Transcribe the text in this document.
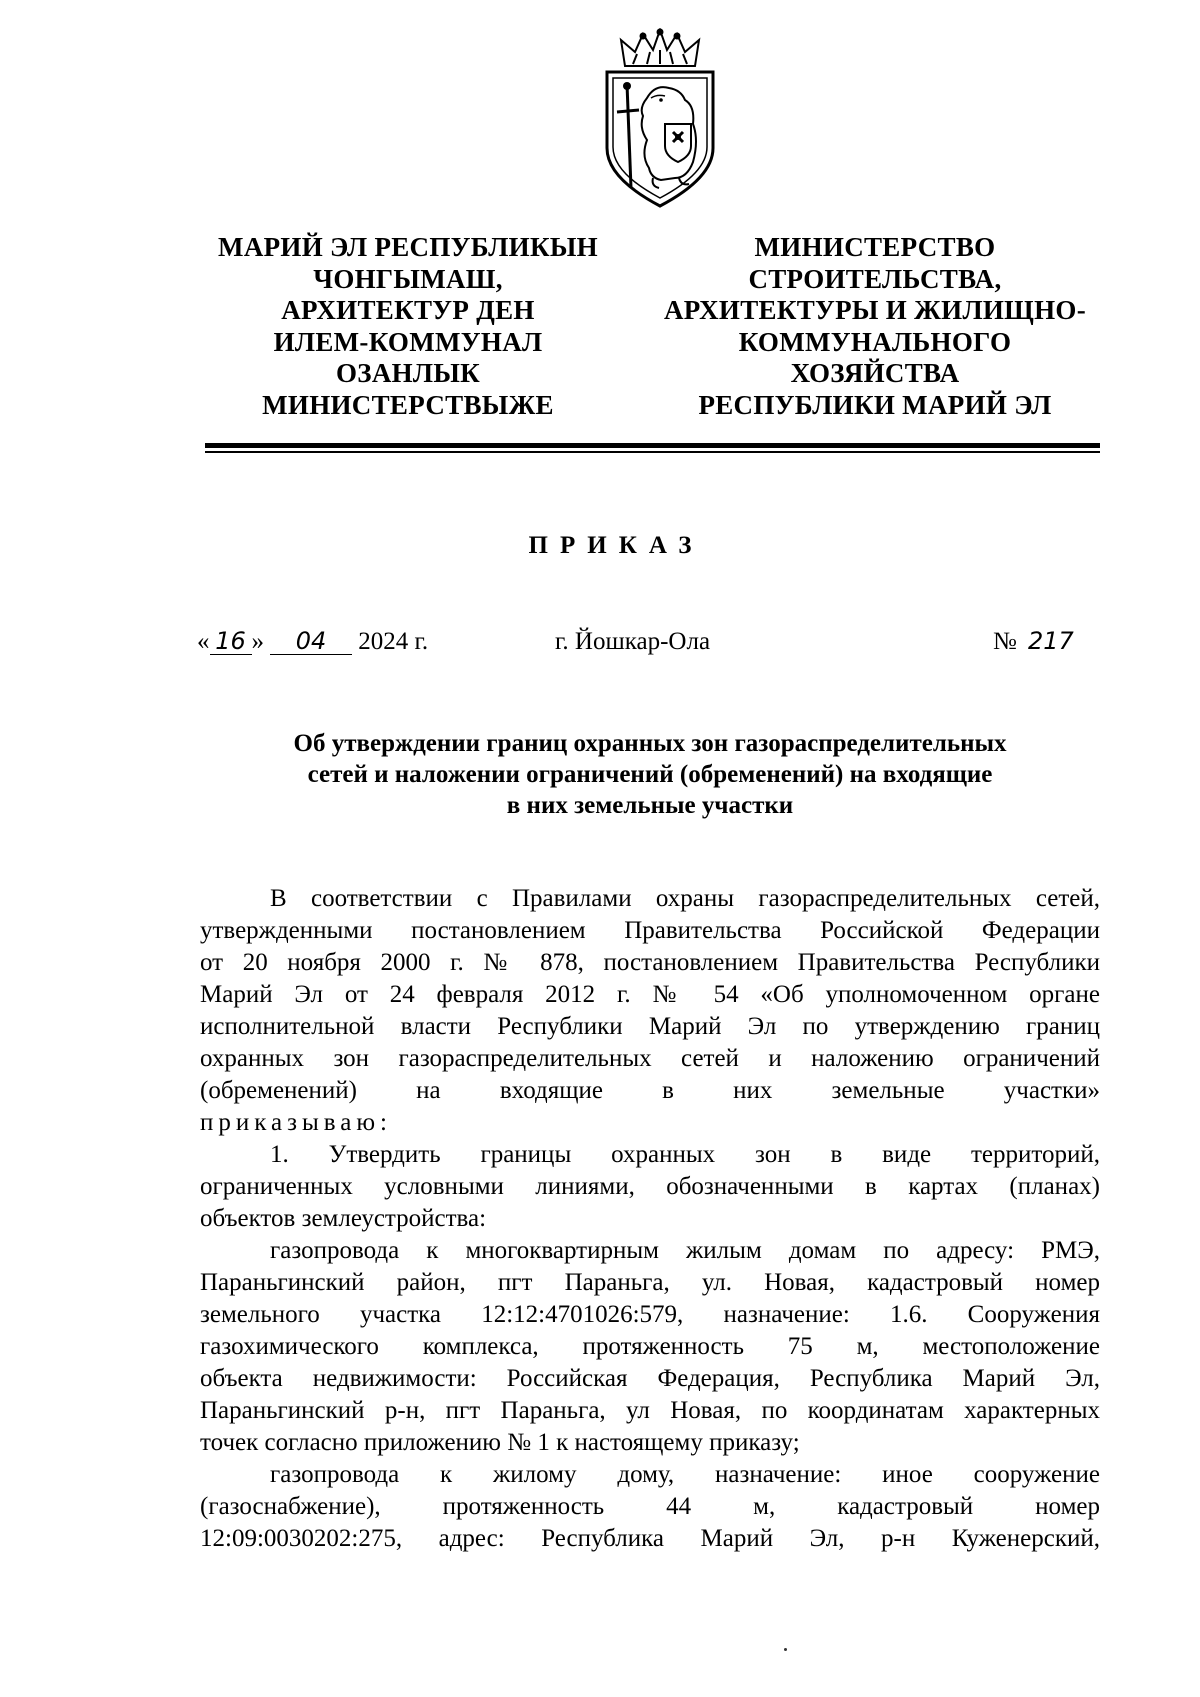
МАРИЙ ЭЛ РЕСПУБЛИКЫН
ЧОНГЫМАШ,
АРХИТЕКТУР ДЕН
ИЛЕМ-КОММУНАЛ
ОЗАНЛЫК
МИНИСТЕРСТВЫЖЕ
МИНИСТЕРСТВО
СТРОИТЕЛЬСТВА,
АРХИТЕКТУРЫ И ЖИЛИЩНО-
КОММУНАЛЬНОГО
ХОЗЯЙСТВА
РЕСПУБЛИКИ МАРИЙ ЭЛ
ПРИКАЗ
« 16 » 04 2024 г.	г. Йошкар-Ола	№ 217
Об утверждении границ охранных зон газораспределительных
сетей и наложении ограничений (обременений) на входящие
в них земельные участки
В соответствии с Правилами охраны газораспределительных сетей,
утвержденными постановлением Правительства Российской Федерации
от 20 ноября 2000 г. № 878, постановлением Правительства Республики
Марий Эл от 24 февраля 2012 г. № 54 «Об уполномоченном органе
исполнительной власти Республики Марий Эл по утверждению границ
охранных зон газораспределительных сетей и наложению ограничений
(обременений) на входящие в них земельные участки»
приказываю:
1. Утвердить границы охранных зон в виде территорий,
ограниченных условными линиями, обозначенными в картах (планах)
объектов землеустройства:
газопровода к многоквартирным жилым домам по адресу: РМЭ,
Параньгинский район, пгт Параньга, ул. Новая, кадастровый номер
земельного участка 12:12:4701026:579, назначение: 1.6. Сооружения
газохимического комплекса, протяженность 75 м, местоположение
объекта недвижимости: Российская Федерация, Республика Марий Эл,
Параньгинский р-н, пгт Параньга, ул Новая, по координатам характерных
точек согласно приложению № 1 к настоящему приказу;
газопровода к жилому дому, назначение: иное сооружение
(газоснабжение), протяженность 44 м, кадастровый номер
12:09:0030202:275, адрес: Республика Марий Эл, р-н Куженерский,
